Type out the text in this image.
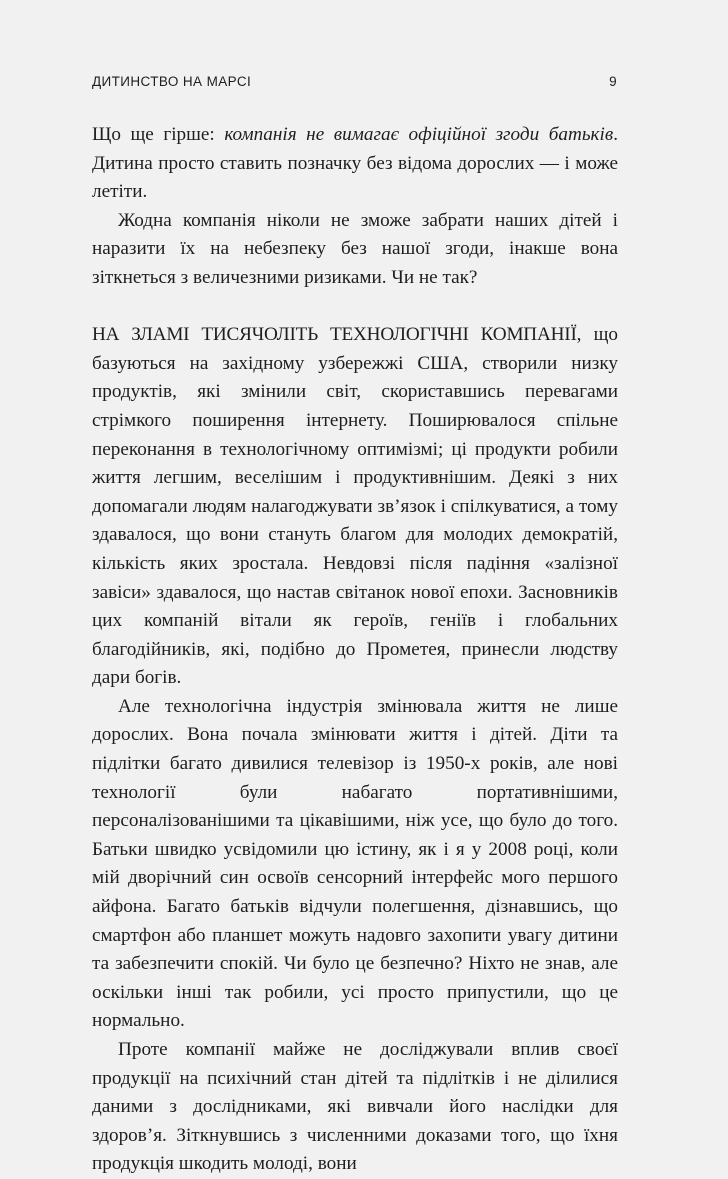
ДИТИНСТВО НА МАРСІ	9

Що ще гірше: компанія не вимагає офіційної згоди батьків. Дитина просто ставить позначку без відома дорослих — і може летіти.

Жодна компанія ніколи не зможе забрати наших дітей і наразити їх на небезпеку без нашої згоди, інакше вона зіткнеться з величезними ризиками. Чи не так?

НА ЗЛАМІ ТИСЯЧОЛІТЬ ТЕХНОЛОГІЧНІ КОМПАНІЇ, що базуються на західному узбережжі США, створили низку продуктів, які змінили світ, скориставшись перевагами стрімкого поширення інтернету. Поширювалося спільне переконання в технологічному оптимізмі; ці продукти робили життя легшим, веселішим і продуктивнішим. Деякі з них допомагали людям налагоджувати зв’язок і спілкуватися, а тому здавалося, що вони стануть благом для молодих демократій, кількість яких зростала. Невдовзі після падіння «залізної завіси» здавалося, що настав світанок нової епохи. Засновників цих компаній вітали як героїв, геніїв і глобальних благодійників, які, подібно до Прометея, принесли людству дари богів.

Але технологічна індустрія змінювала життя не лише дорослих. Вона почала змінювати життя і дітей. Діти та підлітки багато дивилися телевізор із 1950-х років, але нові технології були набагато портативнішими, персоналізованішими та цікавішими, ніж усе, що було до того. Батьки швидко усвідомили цю істину, як і я у 2008 році, коли мій дворічний син освоїв сенсорний інтерфейс мого першого айфона. Багато батьків відчули полегшення, дізнавшись, що смартфон або планшет можуть надовго захопити увагу дитини та забезпечити спокій. Чи було це безпечно? Ніхто не знав, але оскільки інші так робили, усі просто припустили, що це нормально.

Проте компанії майже не досліджували вплив своєї продукції на психічний стан дітей та підлітків і не ділилися даними з дослідниками, які вивчали його наслідки для здоров’я. Зіткнувшись з численними доказами того, що їхня продукція шкодить молоді, вони
